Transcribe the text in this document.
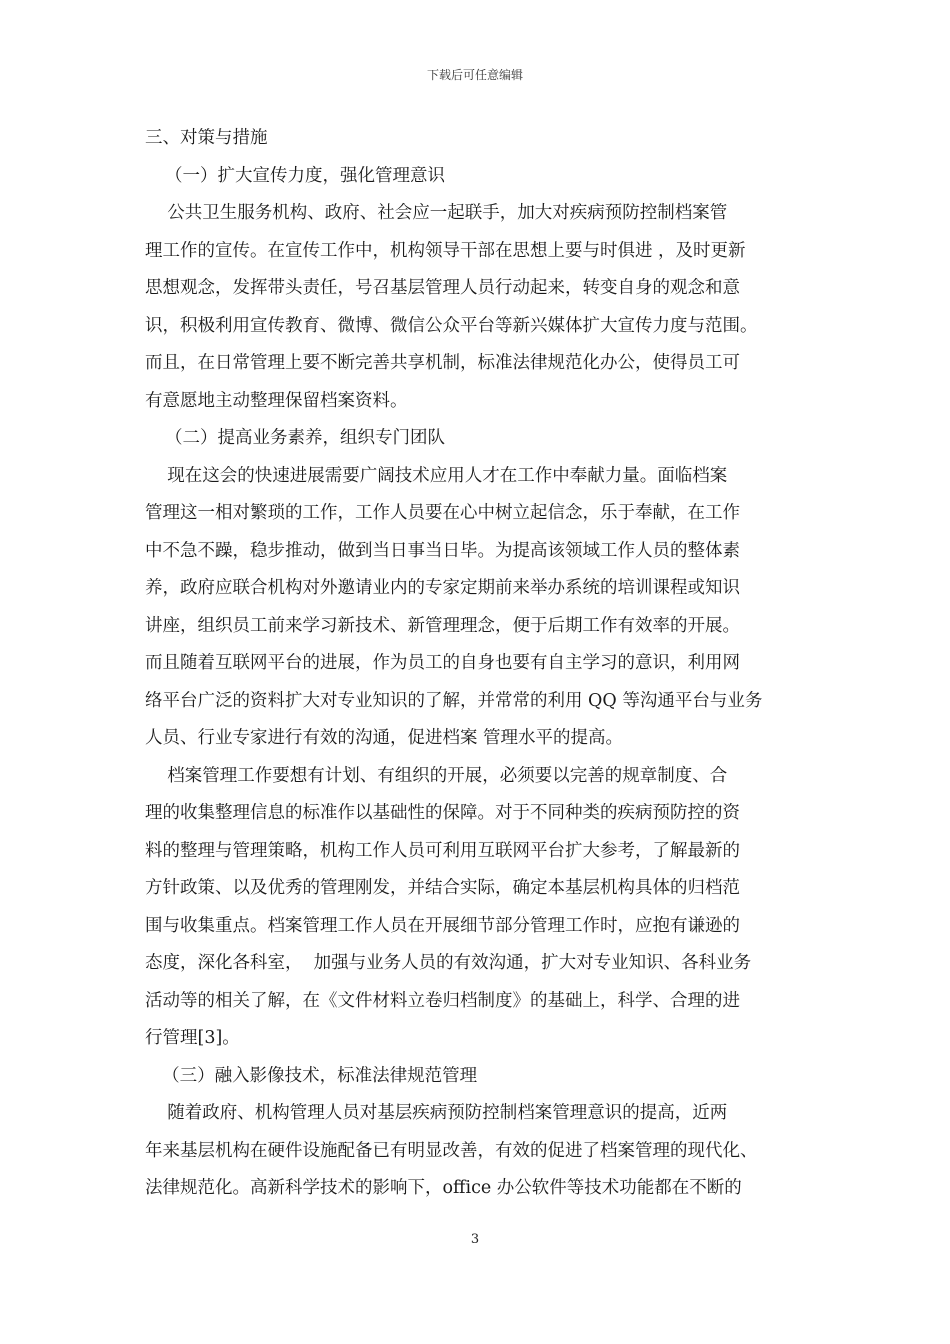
下载后可任意编辑
三、对策与措施
（一）扩大宣传力度，强化管理意识
公共卫生服务机构、政府、社会应一起联手，加大对疾病预防控制档案管
理工作的宣传。在宣传工作中，机构领导干部在思想上要与时俱进 ，及时更新
思想观念，发挥带头责任，号召基层管理人员行动起来，转变自身的观念和意
识，积极利用宣传教育、微博、微信公众平台等新兴媒体扩大宣传力度与范围。
而且，在日常管理上要不断完善共享机制，标准法律规范化办公，使得员工可
有意愿地主动整理保留档案资料。
（二）提高业务素养，组织专门团队
现在这会的快速进展需要广阔技术应用人才在工作中奉献力量。面临档案
管理这一相对繁琐的工作，工作人员要在心中树立起信念，乐于奉献，在工作
中不急不躁，稳步推动，做到当日事当日毕。为提高该领域工作人员的整体素
养，政府应联合机构对外邀请业内的专家定期前来举办系统的培训课程或知识
讲座，组织员工前来学习新技术、新管理理念，便于后期工作有效率的开展。
而且随着互联网平台的进展，作为员工的自身也要有自主学习的意识，利用网
络平台广泛的资料扩大对专业知识的了解，并常常的利用 QQ 等沟通平台与业务
人员、行业专家进行有效的沟通，促进档案 管理水平的提高。
档案管理工作要想有计划、有组织的开展，必须要以完善的规章制度、合
理的收集整理信息的标准作以基础性的保障。对于不同种类的疾病预防控的资
料的整理与管理策略，机构工作人员可利用互联网平台扩大参考，了解最新的
方针政策、以及优秀的管理刚发，并结合实际，确定本基层机构具体的归档范
围与收集重点。档案管理工作人员在开展细节部分管理工作时，应抱有谦逊的
态度，深化各科室，  加强与业务人员的有效沟通，扩大对专业知识、各科业务
活动等的相关了解，在《文件材料立卷归档制度》的基础上，科学、合理的进
行管理[3]。
（三）融入影像技术，标准法律规范管理
随着政府、机构管理人员对基层疾病预防控制档案管理意识的提高，近两
年来基层机构在硬件设施配备已有明显改善，有效的促进了档案管理的现代化、
法律规范化。高新科学技术的影响下，office 办公软件等技术功能都在不断的
3
